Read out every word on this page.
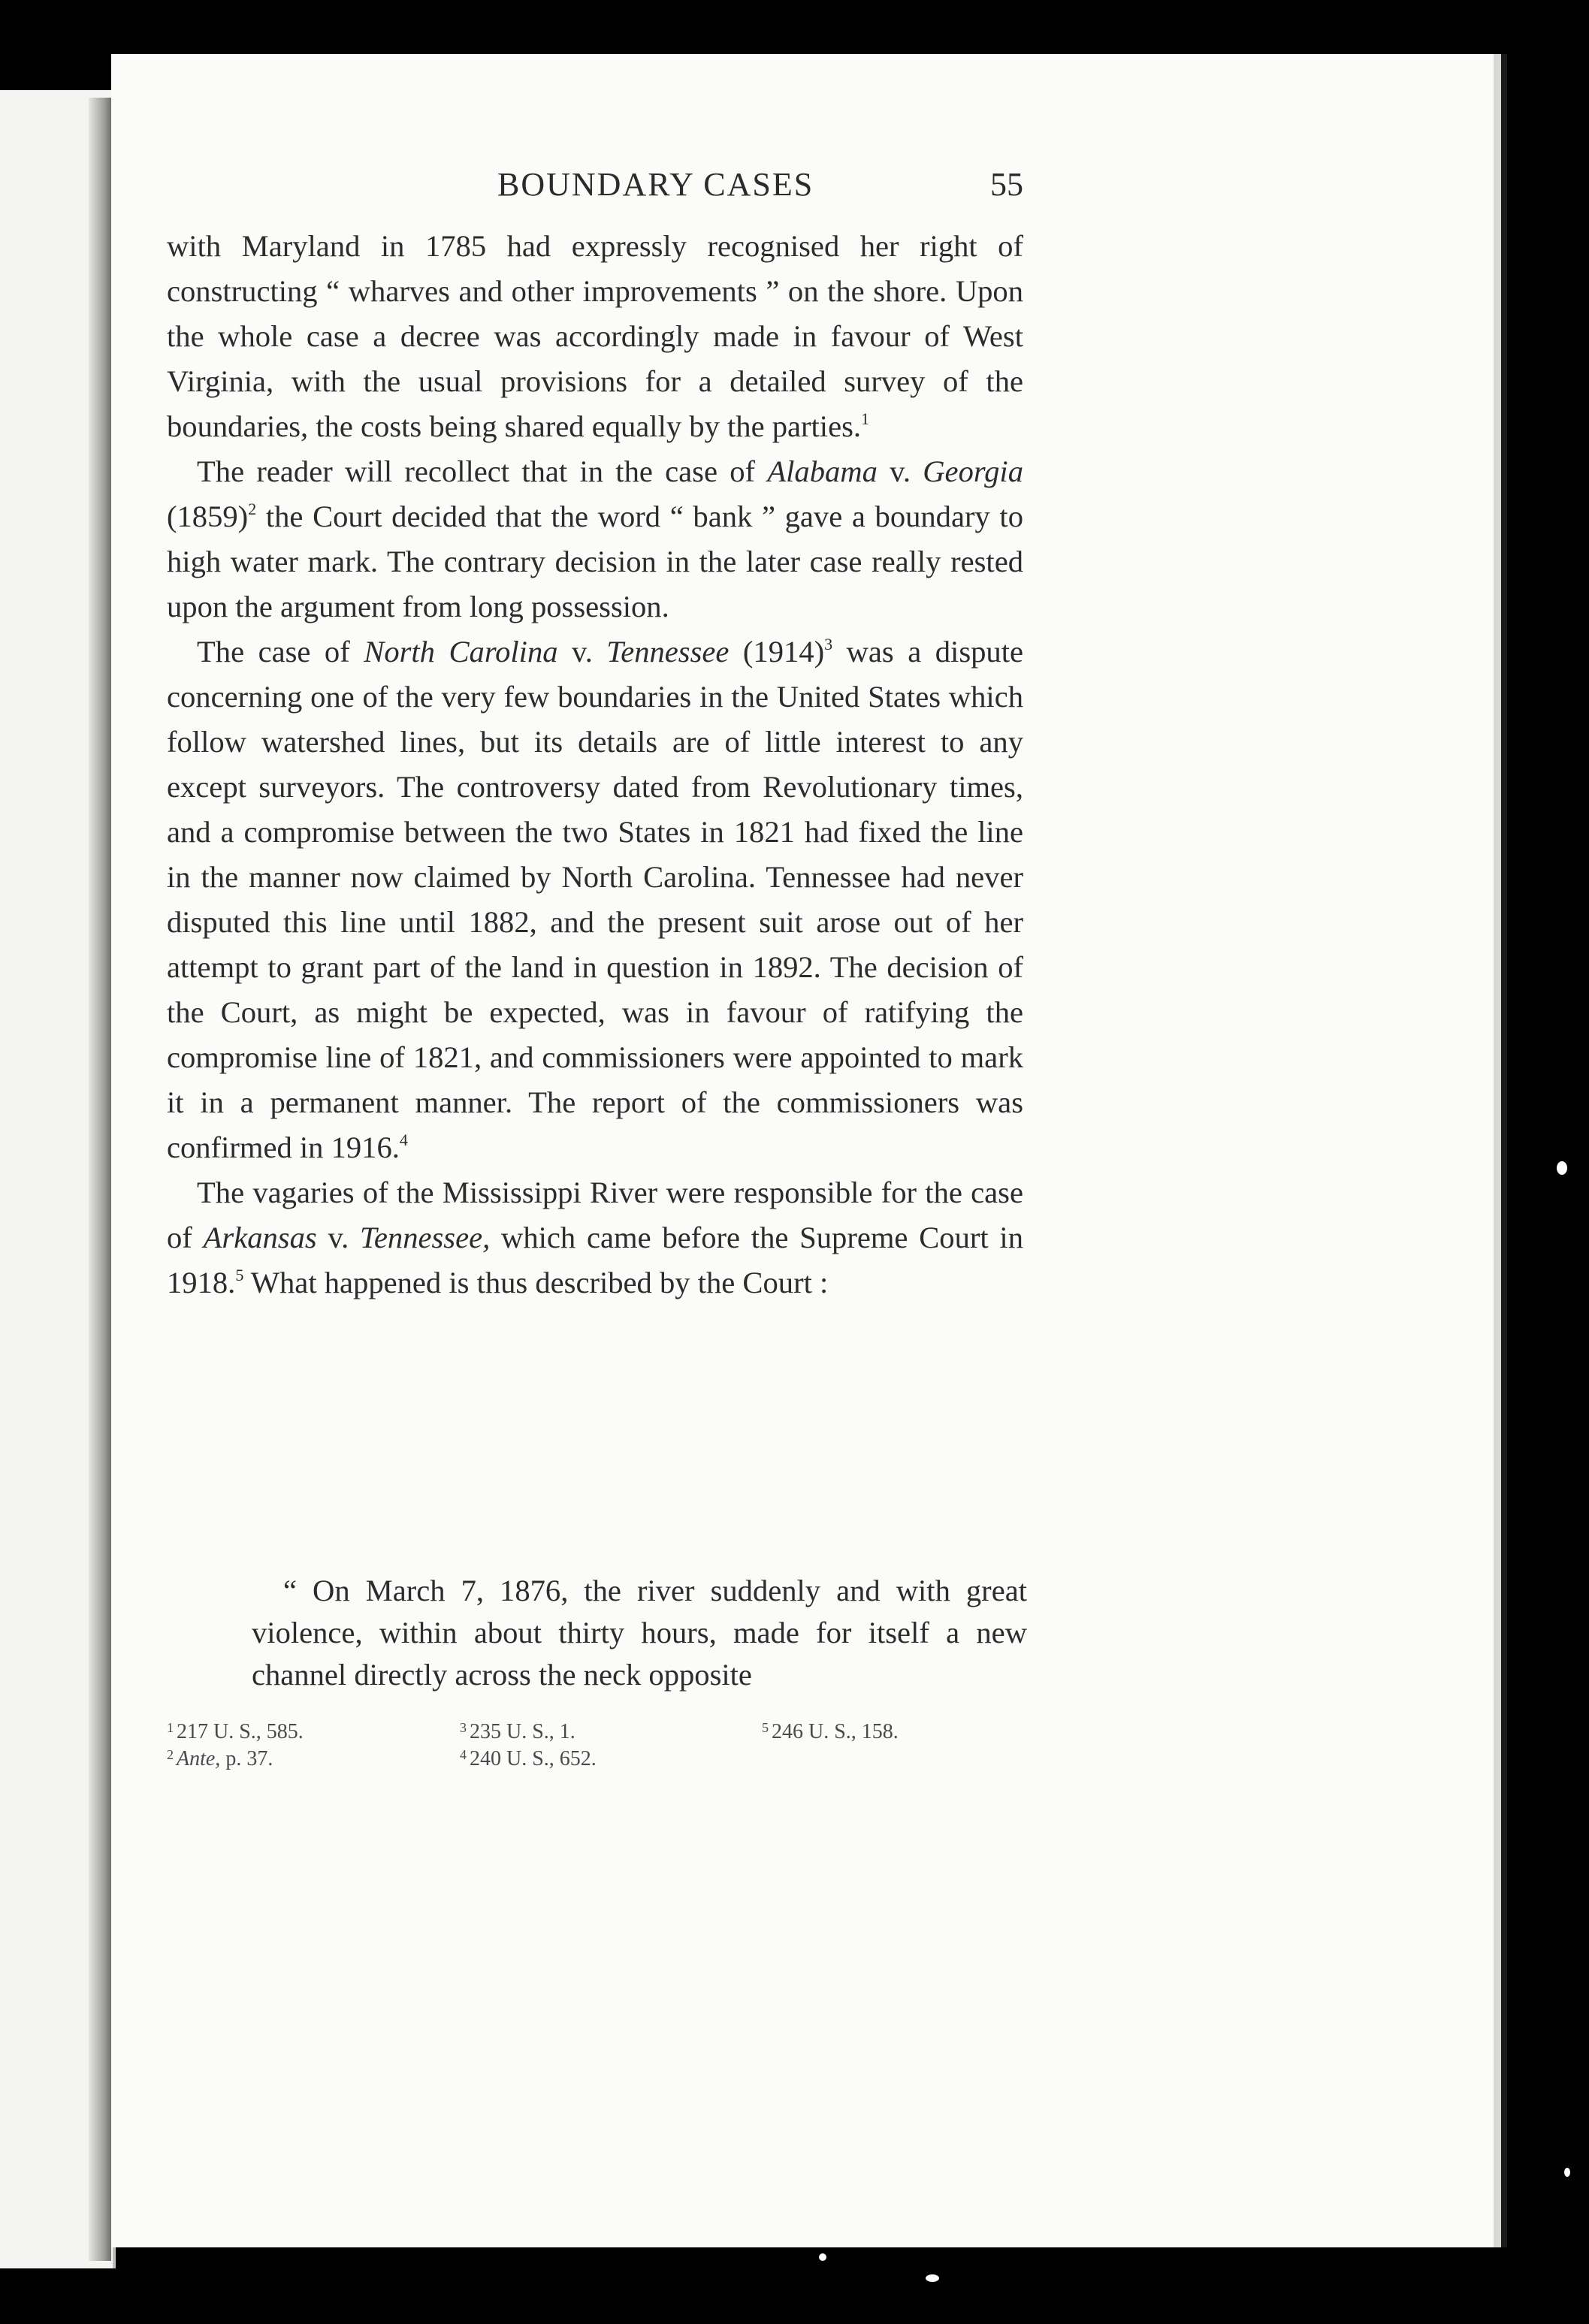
BOUNDARY CASES	55

with Maryland in 1785 had expressly recognised her right of constructing “ wharves and other improvements ” on the shore. Upon the whole case a decree was accordingly made in favour of West Virginia, with the usual provisions for a detailed survey of the boundaries, the costs being shared equally by the parties.$^1$

The reader will recollect that in the case of Alabama v. Georgia $(1859)^2$ the Court decided that the word “ bank ” gave a boundary to high water mark. The contrary decision in the later case really rested upon the argument from long possession.

The case of North Carolina v. Tennessee $(1914)^3$ was a dispute concerning one of the very few boundaries in the United States which follow watershed lines, but its details are of little interest to any except surveyors. The controversy dated from Revolutionary times, and a compromise between the two States in 1821 had fixed the line in the manner now claimed by North Carolina. Tennessee had never disputed this line until 1882, and the present suit arose out of her attempt to grant part of the land in question in 1892. The decision of the Court, as might be expected, was in favour of ratifying the compromise line of 1821, and commissioners were appointed to mark it in a permanent manner. The report of the commissioners was confirmed in 1916.$^4$

The vagaries of the Mississippi River were responsible for the case of Arkansas v. Tennessee, which came before the Supreme Court in 1918.$^5$ What happened is thus described by the Court :

“ On March 7, 1876, the river suddenly and with great violence, within about thirty hours, made for itself a new channel directly across the neck opposite

$^1$ 217 U. S., 585.
$^2$ Ante, p. 37.
$^3$ 235 U. S., 1.
$^4$ 240 U. S., 652.
$^5$ 246 U. S., 158.
